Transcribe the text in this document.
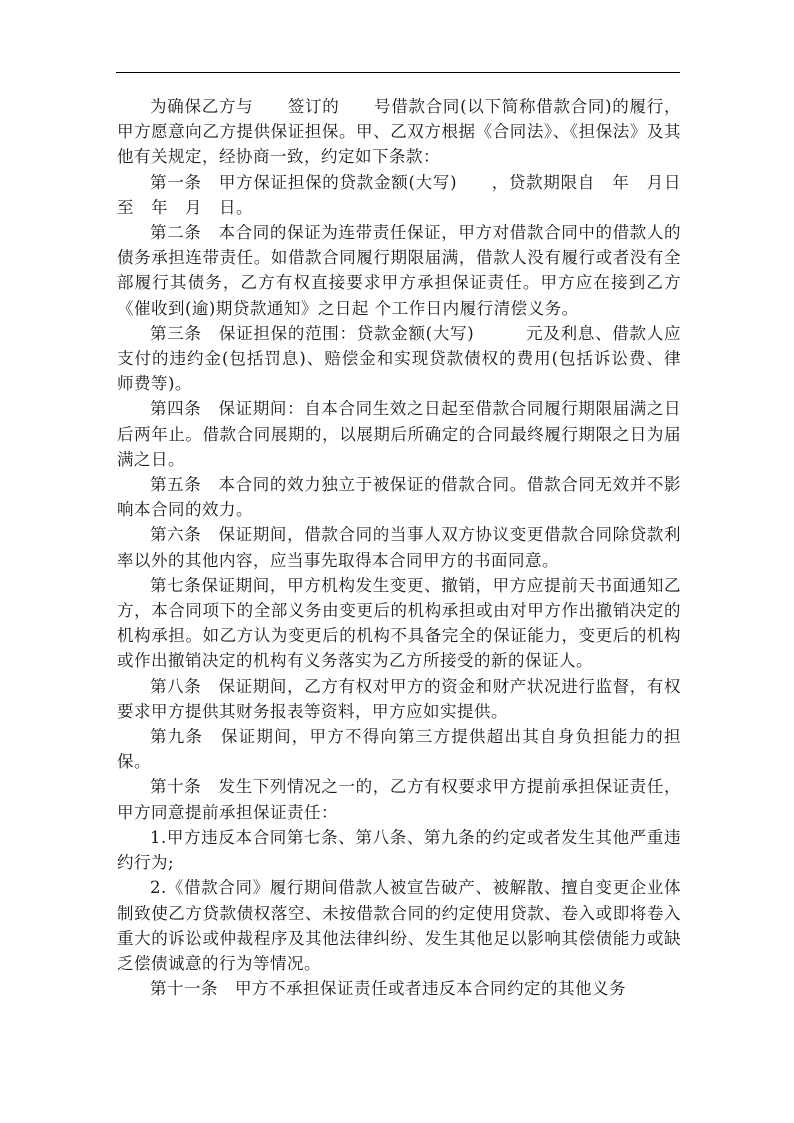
为确保乙方与　　签订的　　号借款合同(以下简称借款合同)的履行，甲方愿意向乙方提供保证担保。甲、乙双方根据《合同法》、《担保法》及其他有关规定，经协商一致，约定如下条款：

第一条　甲方保证担保的贷款金额(大写)　　，贷款期限自　年　月日至　年　月　日。

第二条　本合同的保证为连带责任保证，甲方对借款合同中的借款人的债务承担连带责任。如借款合同履行期限届满，借款人没有履行或者没有全部履行其债务，乙方有权直接要求甲方承担保证责任。甲方应在接到乙方《催收到(逾)期贷款通知》之日起 个工作日内履行清偿义务。

第三条　保证担保的范围：贷款金额(大写)　　　元及利息、借款人应支付的违约金(包括罚息)、赔偿金和实现贷款债权的费用(包括诉讼费、律师费等)。

第四条　保证期间：自本合同生效之日起至借款合同履行期限届满之日后两年止。借款合同展期的，以展期后所确定的合同最终履行期限之日为届满之日。

第五条　本合同的效力独立于被保证的借款合同。借款合同无效并不影响本合同的效力。

第六条　保证期间，借款合同的当事人双方协议变更借款合同除贷款利率以外的其他内容，应当事先取得本合同甲方的书面同意。

第七条保证期间，甲方机构发生变更、撤销，甲方应提前天书面通知乙方，本合同项下的全部义务由变更后的机构承担或由对甲方作出撤销决定的机构承担。如乙方认为变更后的机构不具备完全的保证能力，变更后的机构或作出撤销决定的机构有义务落实为乙方所接受的新的保证人。

第八条　保证期间，乙方有权对甲方的资金和财产状况进行监督，有权要求甲方提供其财务报表等资料，甲方应如实提供。

第九条　保证期间，甲方不得向第三方提供超出其自身负担能力的担保。

第十条　发生下列情况之一的，乙方有权要求甲方提前承担保证责任，甲方同意提前承担保证责任：

1.甲方违反本合同第七条、第八条、第九条的约定或者发生其他严重违约行为;

2.《借款合同》履行期间借款人被宣告破产、被解散、擅自变更企业体制致使乙方贷款债权落空、未按借款合同的约定使用贷款、卷入或即将卷入重大的诉讼或仲裁程序及其他法律纠纷、发生其他足以影响其偿债能力或缺乏偿债诚意的行为等情况。

第十一条　甲方不承担保证责任或者违反本合同约定的其他义务
